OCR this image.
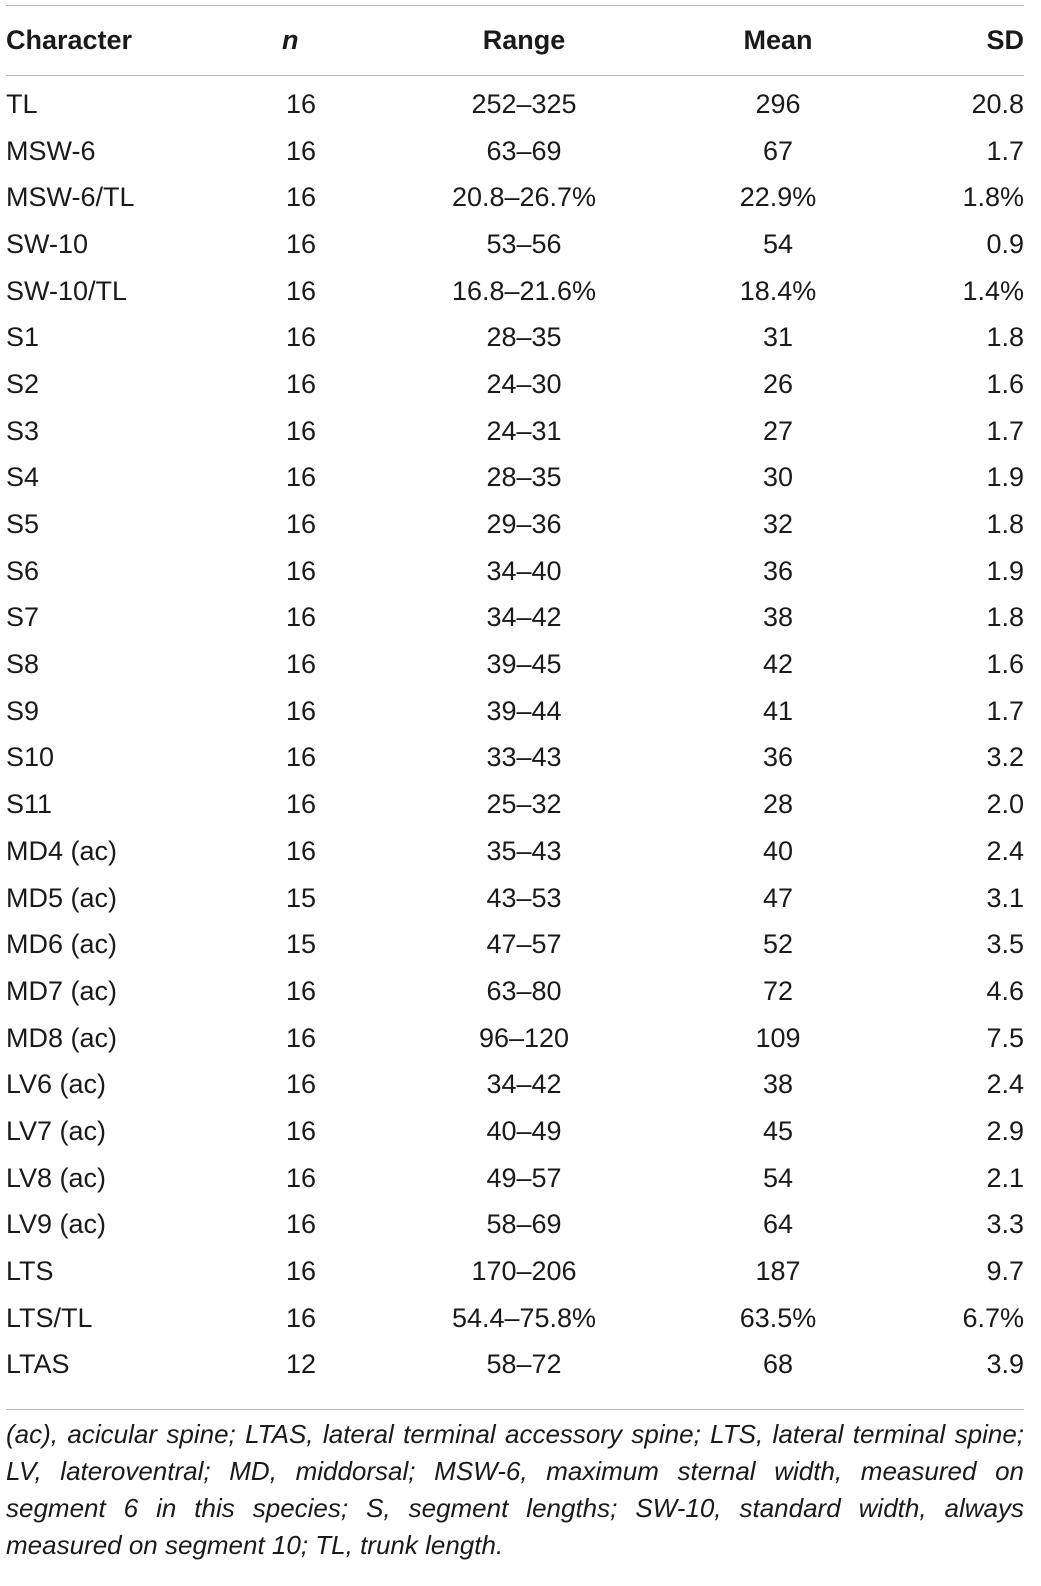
Character	n	Range	Mean	SD
TL	16	252–325	296	20.8
MSW-6	16	63–69	67	1.7
MSW-6/TL	16	20.8–26.7%	22.9%	1.8%
SW-10	16	53–56	54	0.9
SW-10/TL	16	16.8–21.6%	18.4%	1.4%
S1	16	28–35	31	1.8
S2	16	24–30	26	1.6
S3	16	24–31	27	1.7
S4	16	28–35	30	1.9
S5	16	29–36	32	1.8
S6	16	34–40	36	1.9
S7	16	34–42	38	1.8
S8	16	39–45	42	1.6
S9	16	39–44	41	1.7
S10	16	33–43	36	3.2
S11	16	25–32	28	2.0
MD4 (ac)	16	35–43	40	2.4
MD5 (ac)	15	43–53	47	3.1
MD6 (ac)	15	47–57	52	3.5
MD7 (ac)	16	63–80	72	4.6
MD8 (ac)	16	96–120	109	7.5
LV6 (ac)	16	34–42	38	2.4
LV7 (ac)	16	40–49	45	2.9
LV8 (ac)	16	49–57	54	2.1
LV9 (ac)	16	58–69	64	3.3
LTS	16	170–206	187	9.7
LTS/TL	16	54.4–75.8%	63.5%	6.7%
LTAS	12	58–72	68	3.9

(ac), acicular spine; LTAS, lateral terminal accessory spine; LTS, lateral terminal spine; LV, lateroventral; MD, middorsal; MSW-6, maximum sternal width, measured on segment 6 in this species; S, segment lengths; SW-10, standard width, always measured on segment 10; TL, trunk length.
